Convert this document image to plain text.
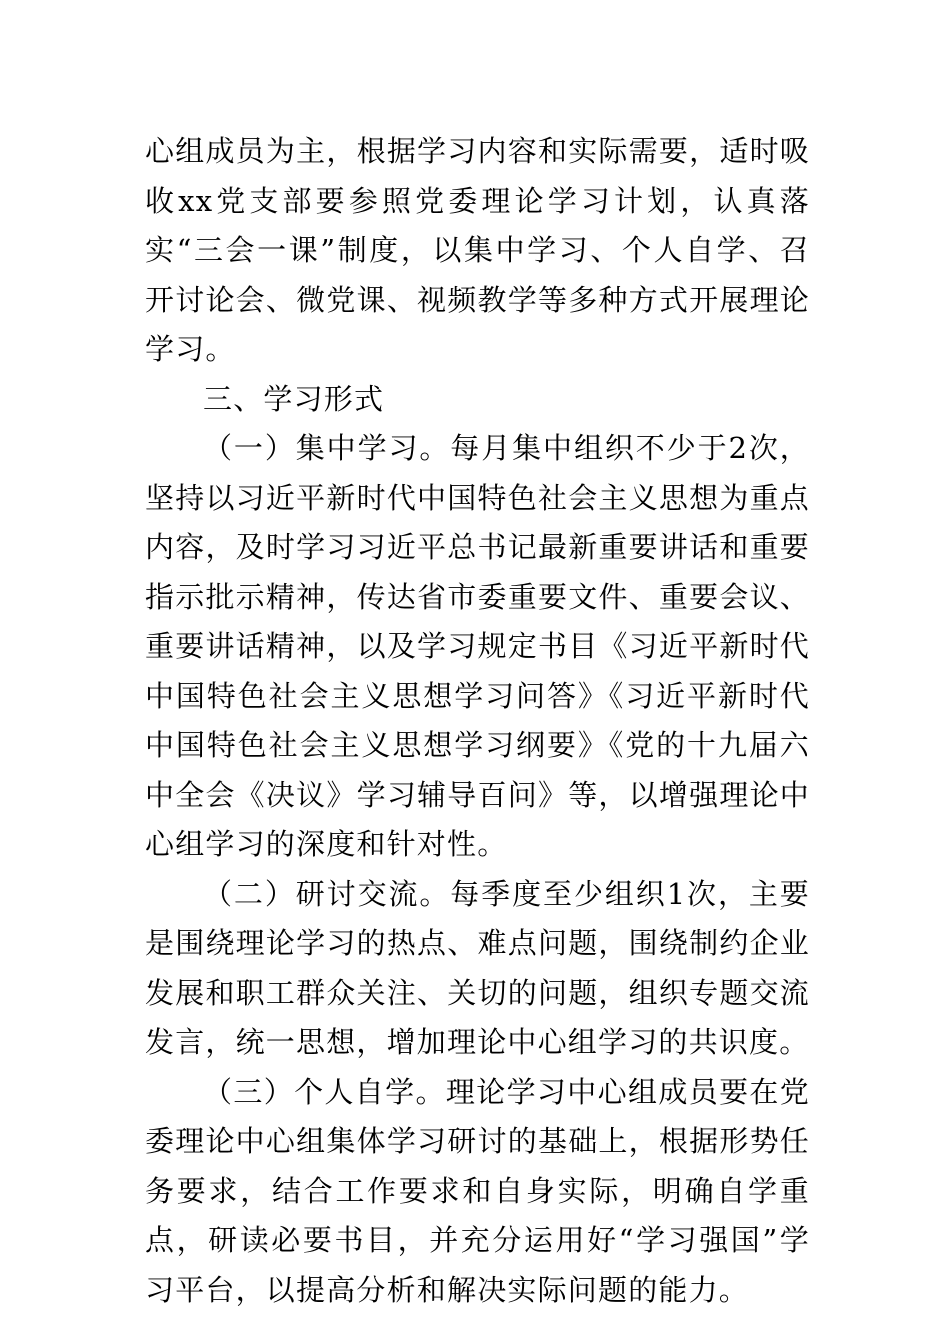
心组成员为主，根据学习内容和实际需要，适时吸收xx党支部要参照党委理论学习计划，认真落实“三会一课”制度，以集中学习、个人自学、召开讨论会、微党课、视频教学等多种方式开展理论学习。

三、学习形式

（一）集中学习。每月集中组织不少于2次，坚持以习近平新时代中国特色社会主义思想为重点内容，及时学习习近平总书记最新重要讲话和重要指示批示精神，传达省市委重要文件、重要会议、重要讲话精神，以及学习规定书目《习近平新时代中国特色社会主义思想学习问答》《习近平新时代中国特色社会主义思想学习纲要》《党的十九届六中全会《决议》学习辅导百问》等，以增强理论中心组学习的深度和针对性。

（二）研讨交流。每季度至少组织1次，主要是围绕理论学习的热点、难点问题，围绕制约企业发展和职工群众关注、关切的问题，组织专题交流发言，统一思想，增加理论中心组学习的共识度。

（三）个人自学。理论学习中心组成员要在党委理论中心组集体学习研讨的基础上，根据形势任务要求，结合工作要求和自身实际，明确自学重点，研读必要书目，并充分运用好“学习强国”学习平台，以提高分析和解决实际问题的能力。
